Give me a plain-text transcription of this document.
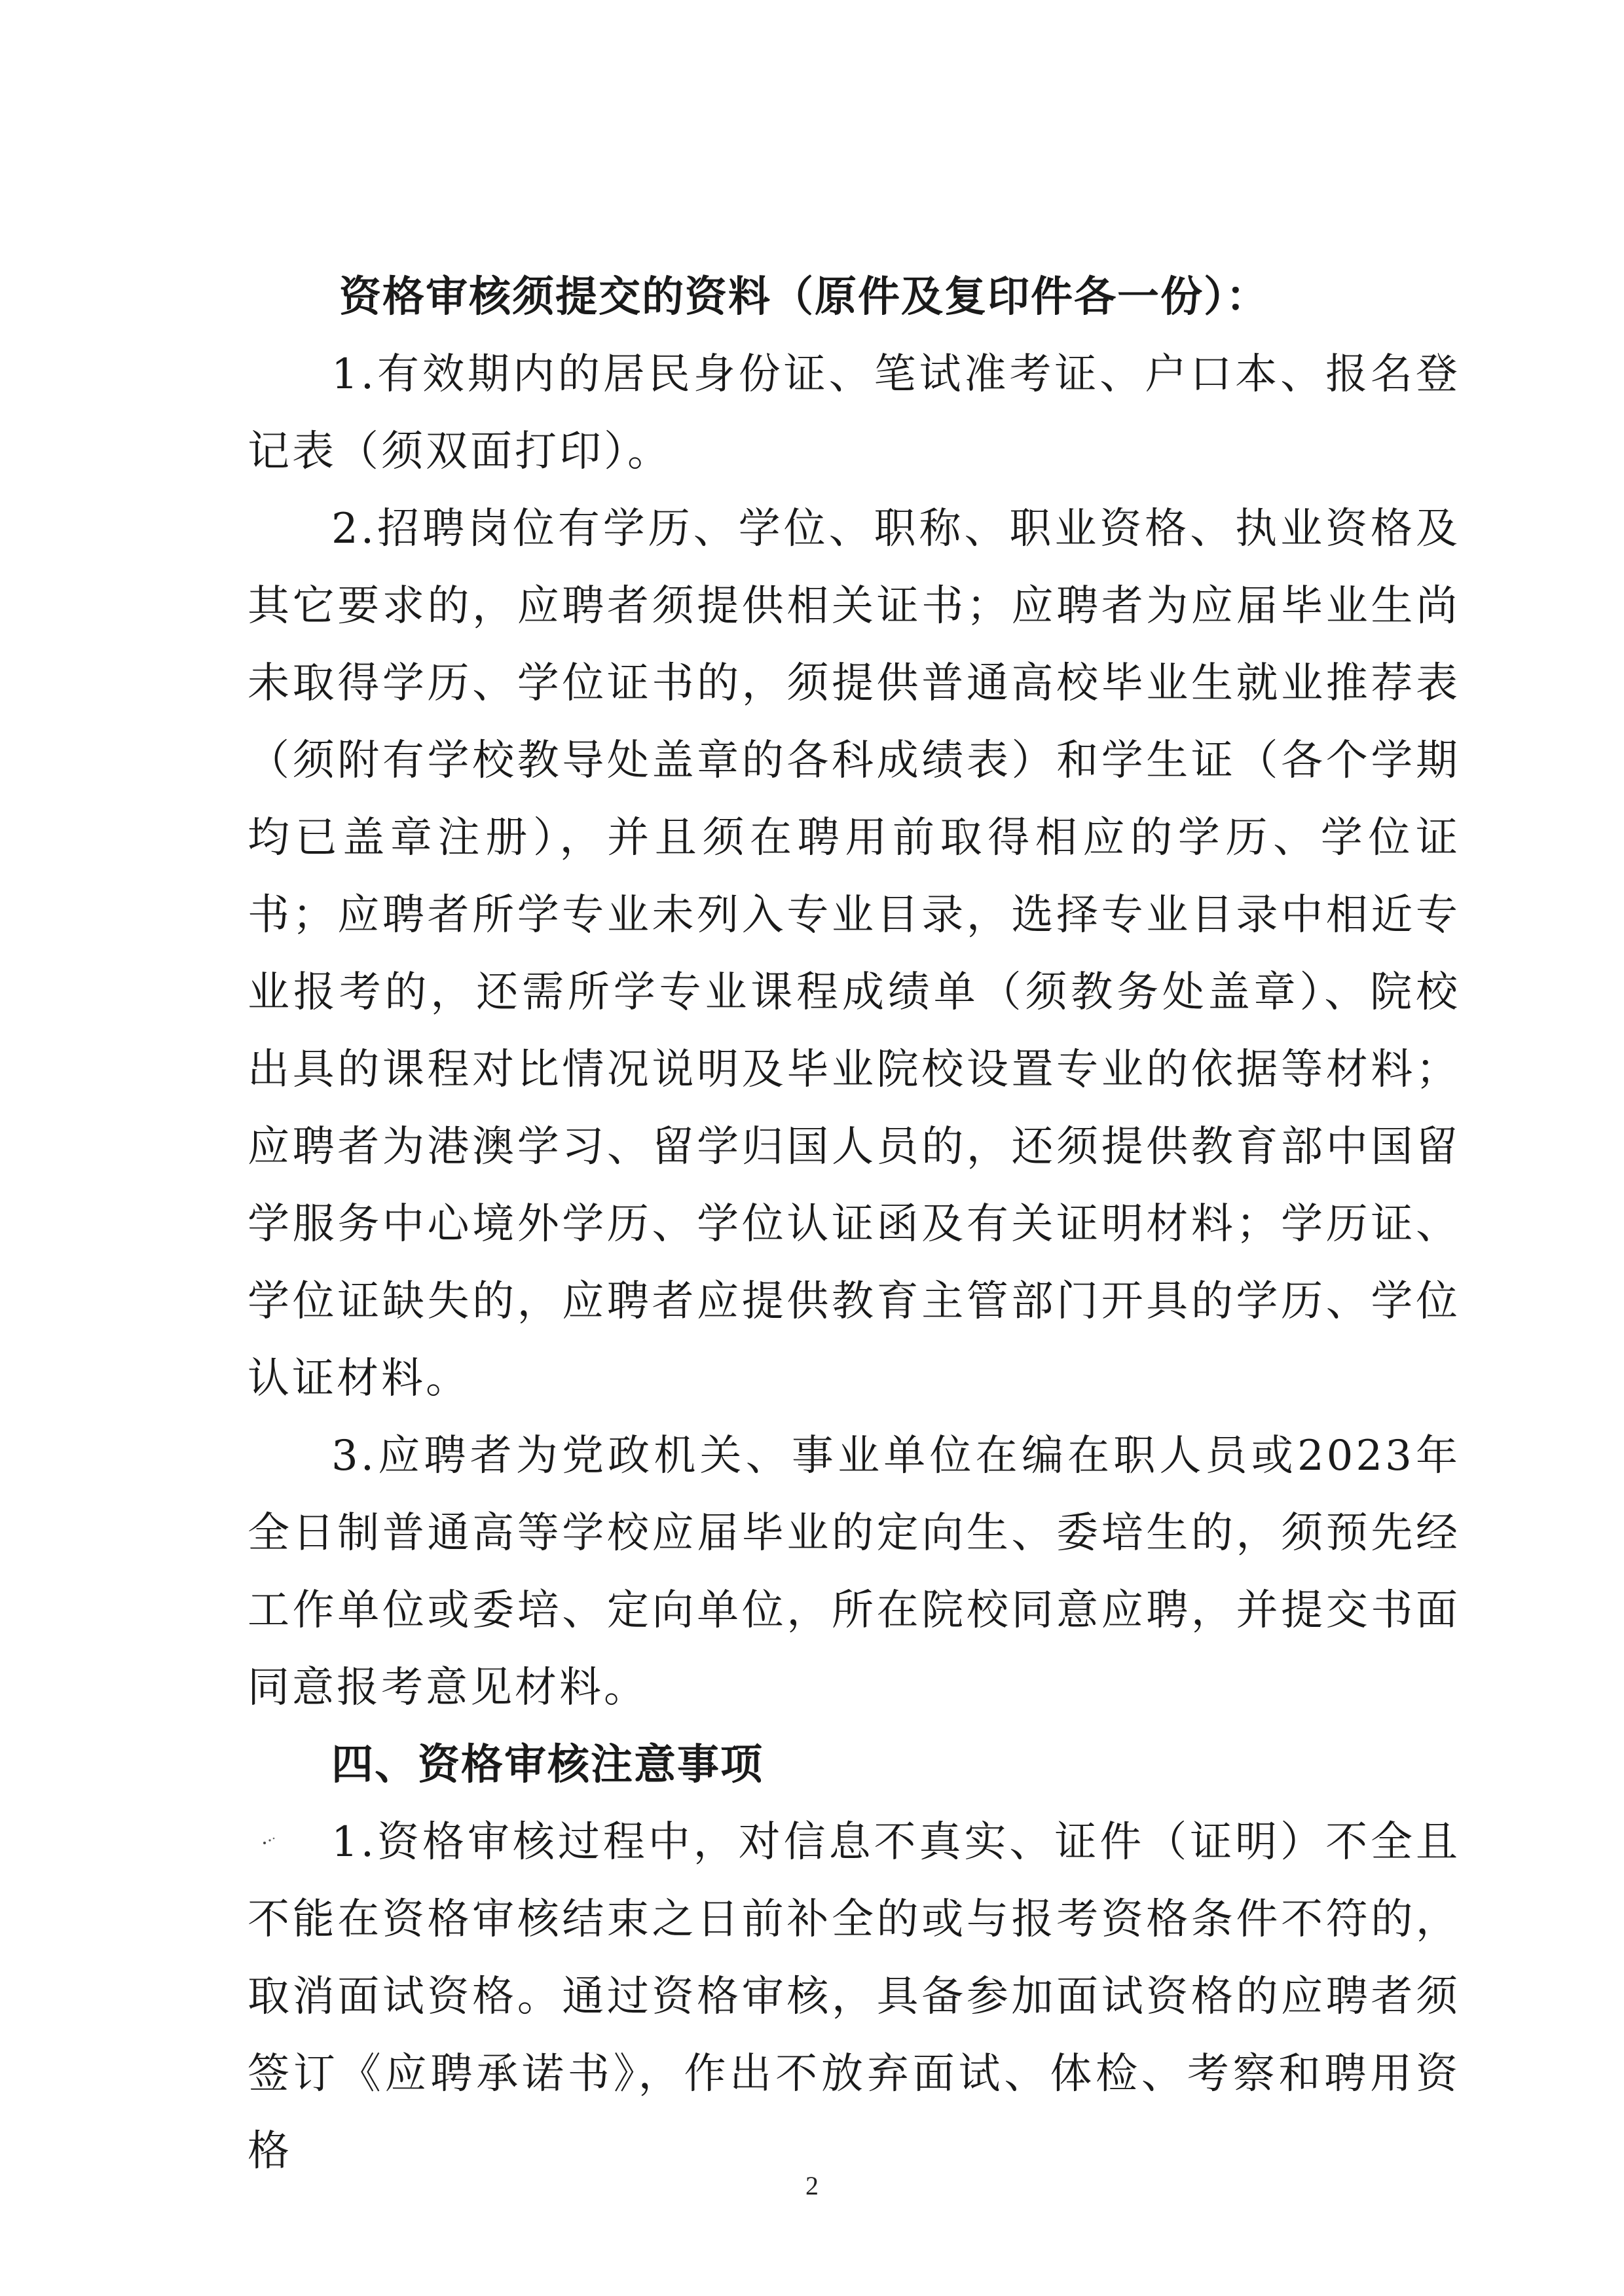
资格审核须提交的资料（原件及复印件各一份）：

1.有效期内的居民身份证、笔试准考证、户口本、报名登记表（须双面打印）。

2.招聘岗位有学历、学位、职称、职业资格、执业资格及其它要求的，应聘者须提供相关证书；应聘者为应届毕业生尚未取得学历、学位证书的，须提供普通高校毕业生就业推荐表（须附有学校教导处盖章的各科成绩表）和学生证（各个学期均已盖章注册），并且须在聘用前取得相应的学历、学位证书；应聘者所学专业未列入专业目录，选择专业目录中相近专业报考的，还需所学专业课程成绩单（须教务处盖章）、院校出具的课程对比情况说明及毕业院校设置专业的依据等材料；应聘者为港澳学习、留学归国人员的，还须提供教育部中国留学服务中心境外学历、学位认证函及有关证明材料；学历证、学位证缺失的，应聘者应提供教育主管部门开具的学历、学位认证材料。

3.应聘者为党政机关、事业单位在编在职人员或2023年全日制普通高等学校应届毕业的定向生、委培生的，须预先经工作单位或委培、定向单位，所在院校同意应聘，并提交书面同意报考意见材料。

四、资格审核注意事项

1.资格审核过程中，对信息不真实、证件（证明）不全且不能在资格审核结束之日前补全的或与报考资格条件不符的，取消面试资格。通过资格审核，具备参加面试资格的应聘者须签订《应聘承诺书》，作出不放弃面试、体检、考察和聘用资格

2
